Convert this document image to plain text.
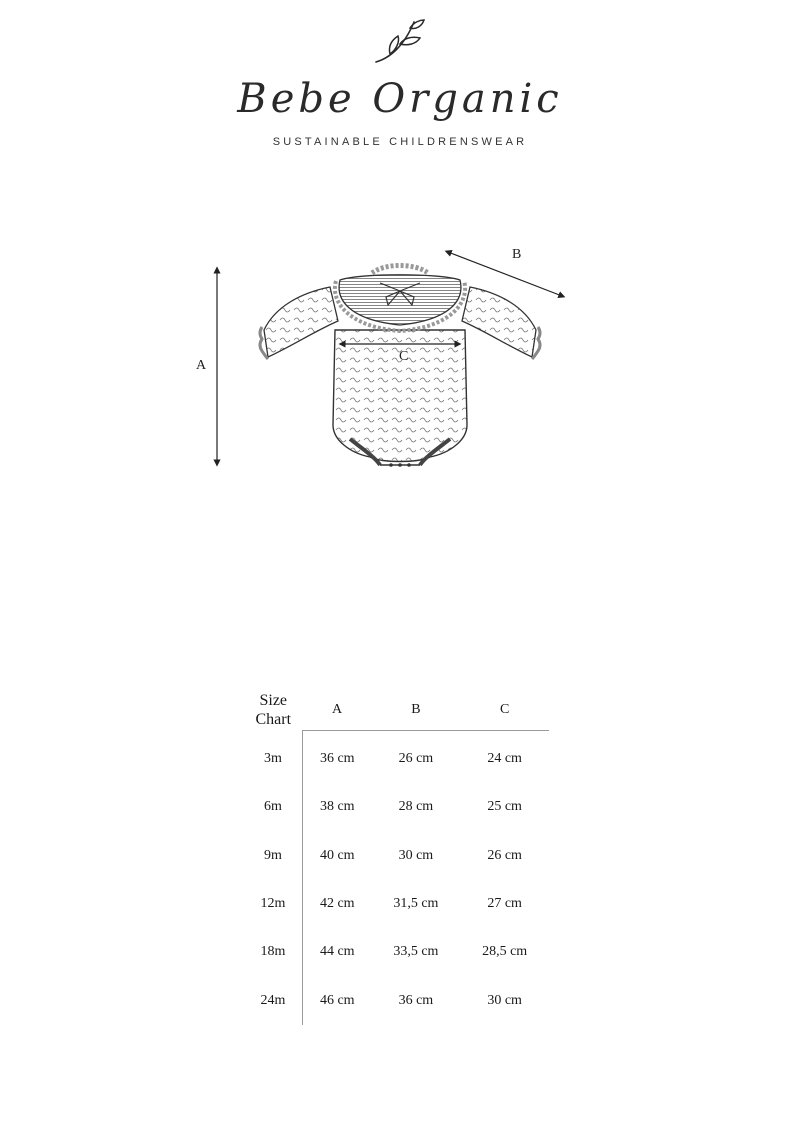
Bebe Organic
SUSTAINABLE CHILDRENSWEAR
A
B
C
Size
Chart	A	B	C
3m	36 cm	26 cm	24 cm
6m	38 cm	28 cm	25 cm
9m	40 cm	30 cm	26 cm
12m	42 cm	31,5 cm	27 cm
18m	44 cm	33,5 cm	28,5 cm
24m	46 cm	36 cm	30 cm
